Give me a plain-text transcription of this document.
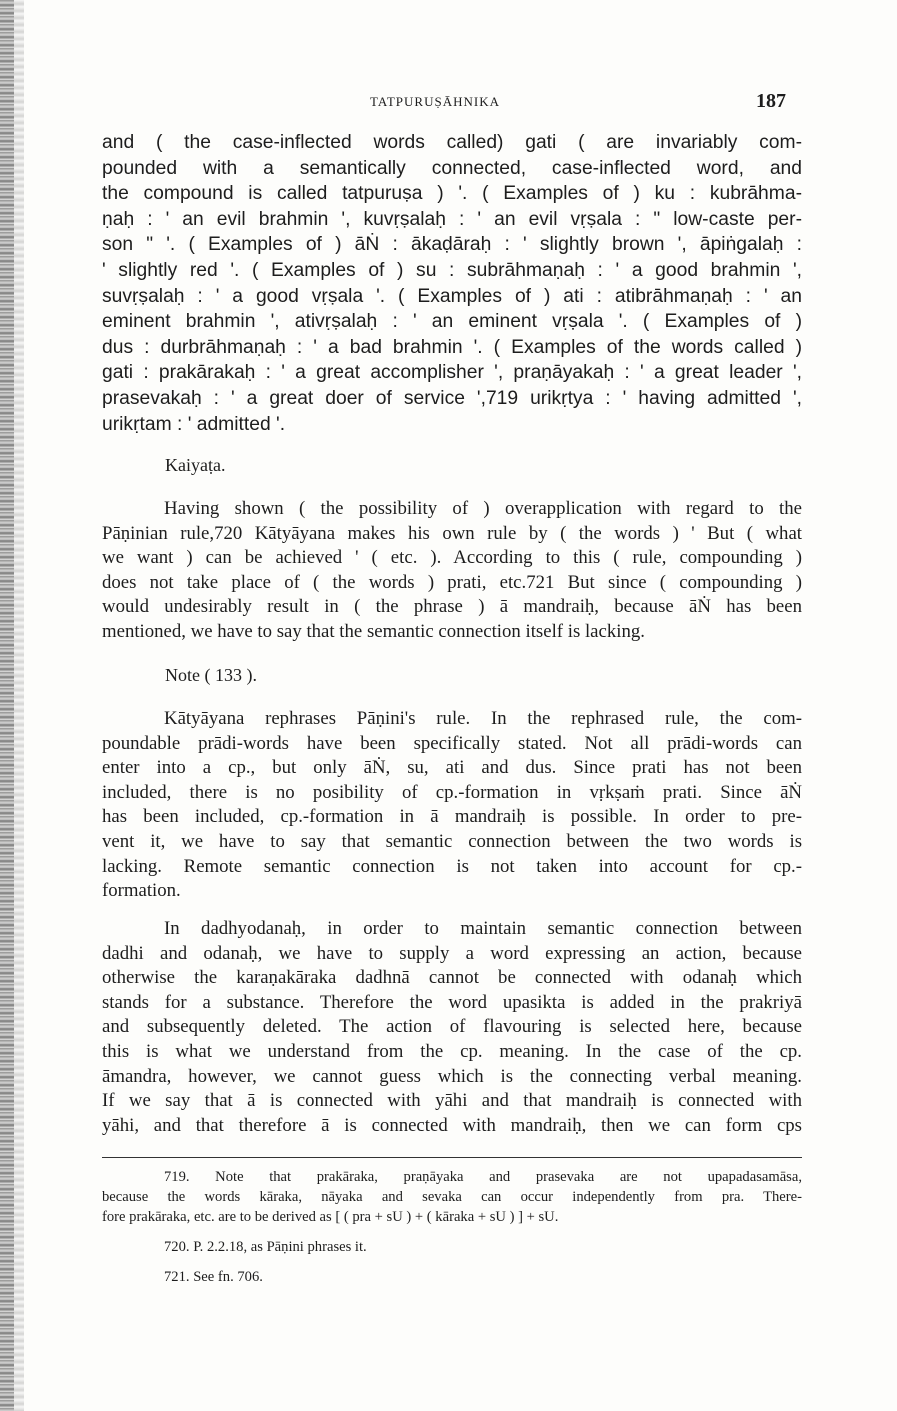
TATPURUṢĀHNIKA	187
and ( the case-inflected words called) gati ( are invariably com-
pounded with a semantically connected, case-inflected word, and
the compound is called tatpuruṣa ) '. ( Examples of ) ku : kubrāhma-
ṇaḥ : ' an evil brahmin ', kuvṛṣalaḥ : ' an evil vṛṣala : " low-caste per-
son " '. ( Examples of ) āṄ : ākaḍāraḥ : ' slightly brown ', āpiṅgalaḥ :
' slightly red '. ( Examples of ) su : subrāhmaṇaḥ : ' a good brahmin ',
suvṛṣalaḥ : ' a good vṛṣala '. ( Examples of ) ati : atibrāhmaṇaḥ : ' an
eminent brahmin ', ativṛṣalaḥ : ' an eminent vṛṣala '. ( Examples of )
dus : durbrāhmaṇaḥ : ' a bad brahmin '. ( Examples of the words called )
gati : prakārakaḥ : ' a great accomplisher ', praṇāyakaḥ : ' a great leader ',
prasevakaḥ : ' a great doer of service ',719 urikṛtya : ' having admitted ',
urikṛtam : ' admitted '.
Kaiyaṭa.
Having shown ( the possibility of ) overapplication with regard to the
Pāṇinian rule,720 Kātyāyana makes his own rule by ( the words ) ' But ( what
we want ) can be achieved ' ( etc. ). According to this ( rule, compounding )
does not take place of ( the words ) prati, etc.721 But since ( compounding )
would undesirably result in ( the phrase ) ā mandraiḥ, because āṄ has been
mentioned, we have to say that the semantic connection itself is lacking.
Note ( 133 ).
Kātyāyana rephrases Pāṇini's rule. In the rephrased rule, the com-
poundable prādi-words have been specifically stated. Not all prādi-words can
enter into a cp., but only āṄ, su, ati and dus. Since prati has not been
included, there is no posibility of cp.-formation in vṛkṣaṁ prati. Since āṄ
has been included, cp.-formation in ā mandraiḥ is possible. In order to pre-
vent it, we have to say that semantic connection between the two words is
lacking. Remote semantic connection is not taken into account for cp.-
formation.
In dadhyodanaḥ, in order to maintain semantic connection between
dadhi and odanaḥ, we have to supply a word expressing an action, because
otherwise the karaṇakāraka dadhnā cannot be connected with odanaḥ which
stands for a substance. Therefore the word upasikta is added in the prakriyā
and subsequently deleted. The action of flavouring is selected here, because
this is what we understand from the cp. meaning. In the case of the cp.
āmandra, however, we cannot guess which is the connecting verbal meaning.
If we say that ā is connected with yāhi and that mandraiḥ is connected with
yāhi, and that therefore ā is connected with mandraiḥ, then we can form cps
719. Note that prakāraka, praṇāyaka and prasevaka are not upapadasamāsa,
because the words kāraka, nāyaka and sevaka can occur independently from pra. There-
fore prakāraka, etc. are to be derived as [ ( pra + sU ) + ( kāraka + sU ) ] + sU.
720. P. 2.2.18, as Pāṇini phrases it.
721. See fn. 706.
